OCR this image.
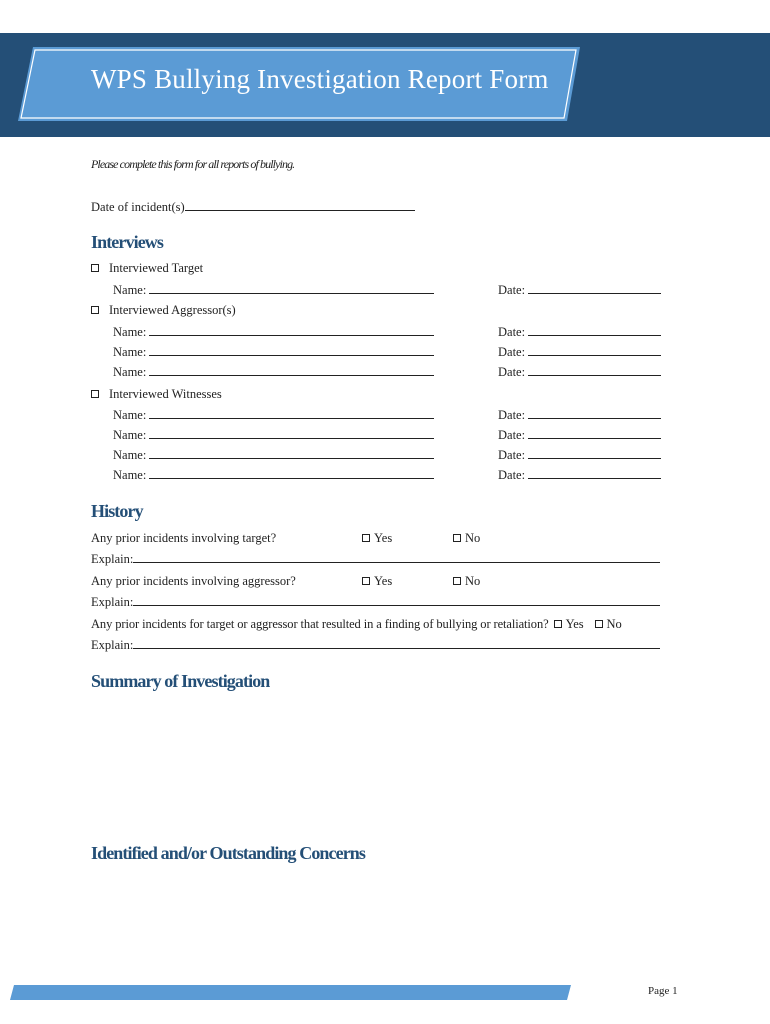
WPS Bullying Investigation Report Form
Please complete this form for all reports of bullying.
Date of incident(s)
Interviews
Interviewed Target
Name:	Date:
Interviewed Aggressor(s)
Name:	Date:
Name:	Date:
Name:	Date:
Interviewed Witnesses
Name:	Date:
Name:	Date:
Name:	Date:
Name:	Date:
History
Any prior incidents involving target?	Yes	No
Explain:
Any prior incidents involving aggressor?	Yes	No
Explain:
Any prior incidents for target or aggressor that resulted in a finding of bullying or retaliation? Yes No
Explain:
Summary of Investigation
Identified and/or Outstanding Concerns
Page 1
